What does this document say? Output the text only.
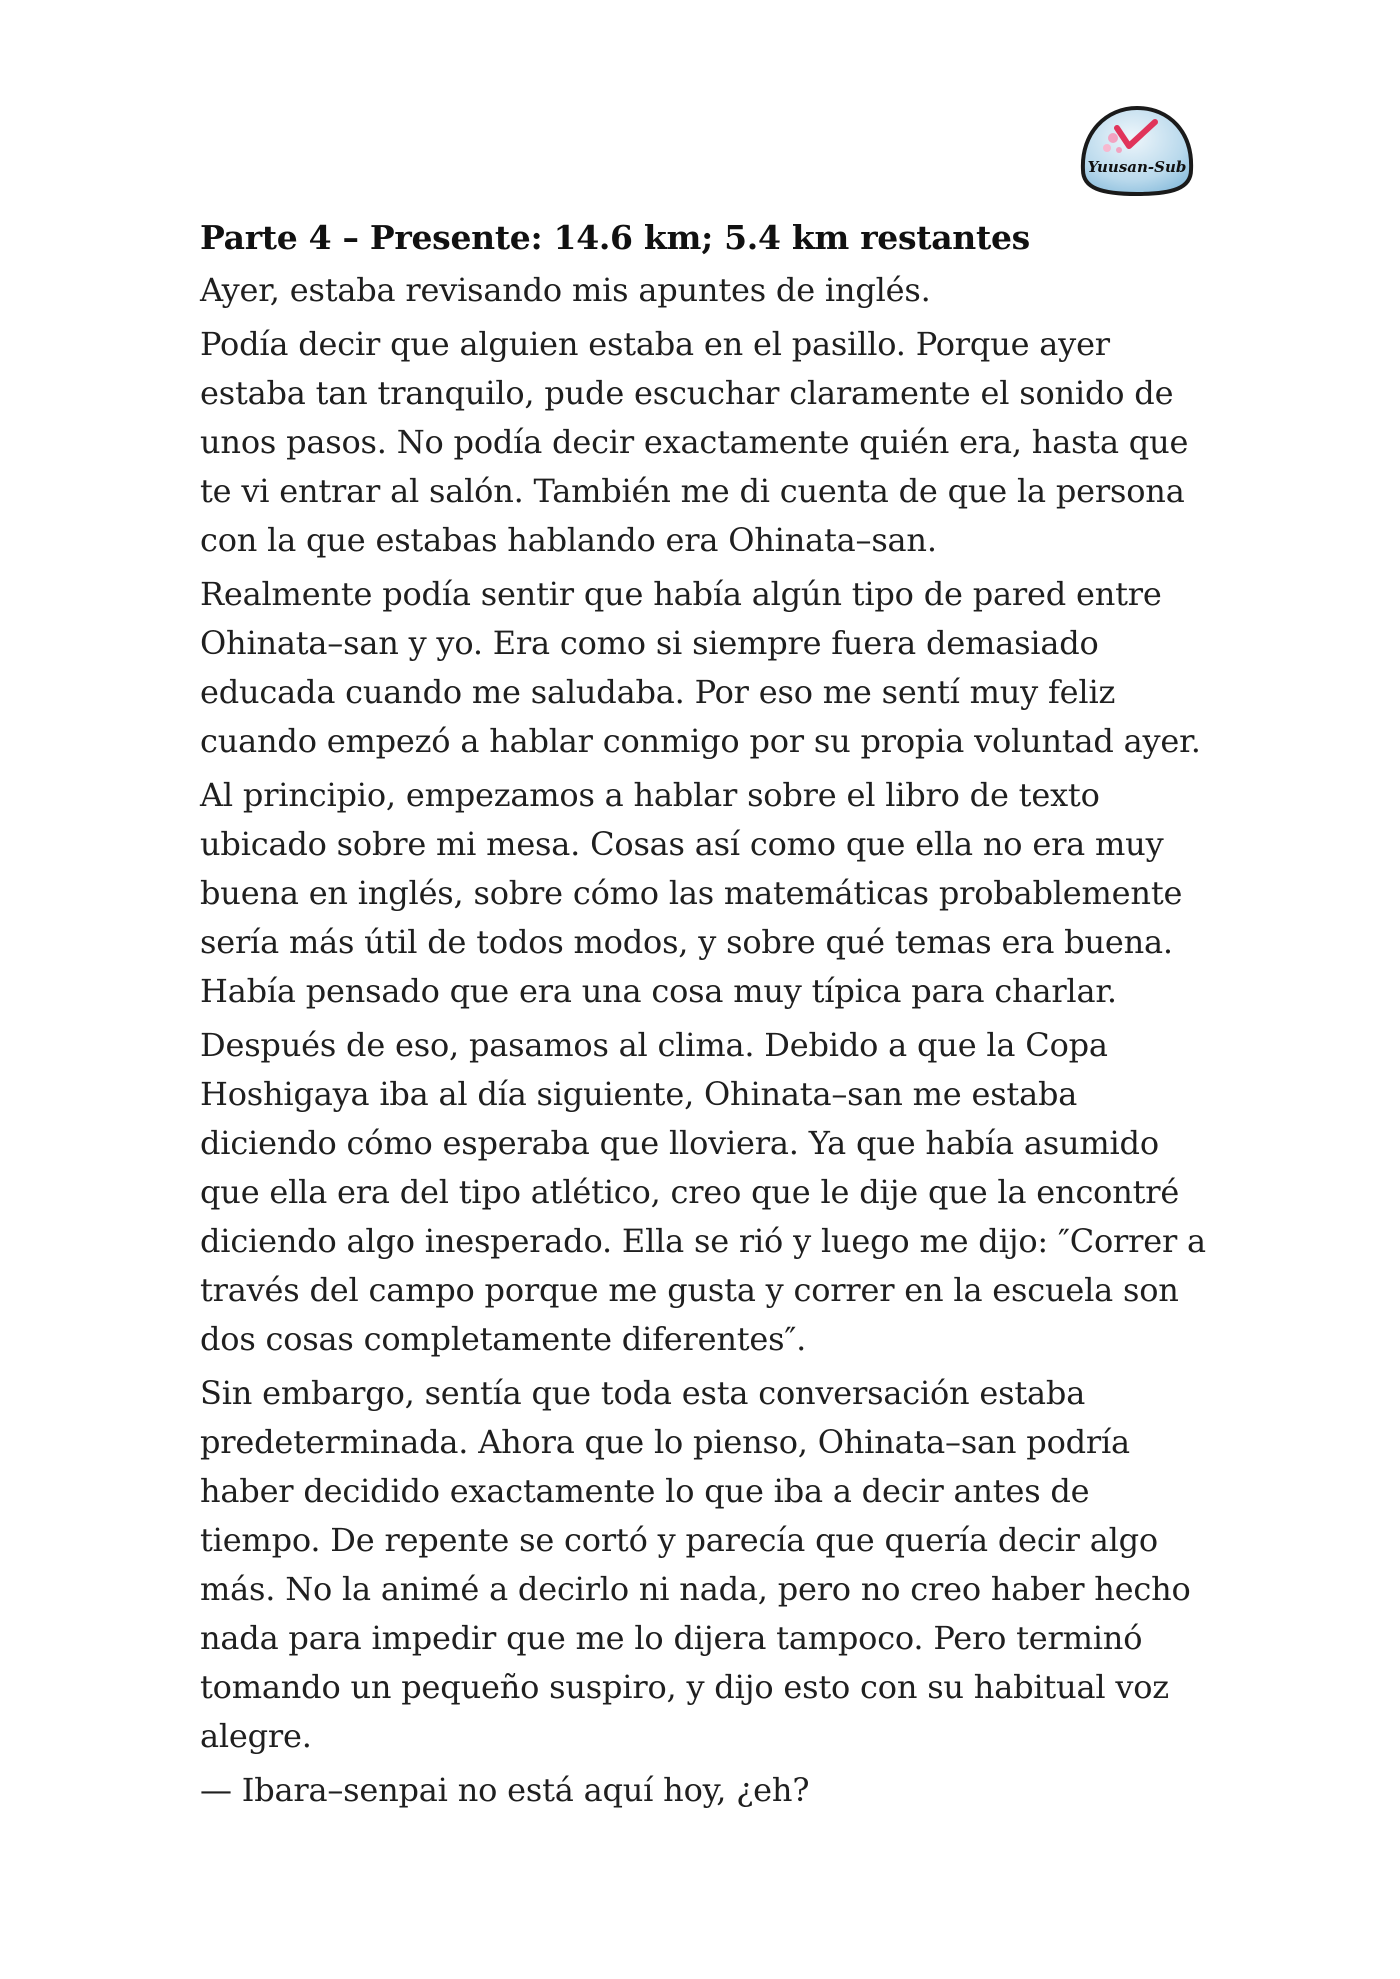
Yuusan-Sub
Parte 4 – Presente: 14.6 km; 5.4 km restantes

Ayer, estaba revisando mis apuntes de inglés.

Podía decir que alguien estaba en el pasillo. Porque ayer estaba tan tranquilo, pude escuchar claramente el sonido de unos pasos. No podía decir exactamente quién era, hasta que te vi entrar al salón. También me di cuenta de que la persona con la que estabas hablando era Ohinata–san.

Realmente podía sentir que había algún tipo de pared entre Ohinata–san y yo. Era como si siempre fuera demasiado educada cuando me saludaba. Por eso me sentí muy feliz cuando empezó a hablar conmigo por su propia voluntad ayer.

Al principio, empezamos a hablar sobre el libro de texto ubicado sobre mi mesa. Cosas así como que ella no era muy buena en inglés, sobre cómo las matemáticas probablemente sería más útil de todos modos, y sobre qué temas era buena. Había pensado que era una cosa muy típica para charlar.

Después de eso, pasamos al clima. Debido a que la Copa Hoshigaya iba al día siguiente, Ohinata–san me estaba diciendo cómo esperaba que lloviera. Ya que había asumido que ella era del tipo atlético, creo que le dije que la encontré diciendo algo inesperado. Ella se rió y luego me dijo: ″Correr a través del campo porque me gusta y correr en la escuela son dos cosas completamente diferentes″.

Sin embargo, sentía que toda esta conversación estaba predeterminada. Ahora que lo pienso, Ohinata–san podría haber decidido exactamente lo que iba a decir antes de tiempo. De repente se cortó y parecía que quería decir algo más. No la animé a decirlo ni nada, pero no creo haber hecho nada para impedir que me lo dijera tampoco. Pero terminó tomando un pequeño suspiro, y dijo esto con su habitual voz alegre.

— Ibara–senpai no está aquí hoy, ¿eh?
